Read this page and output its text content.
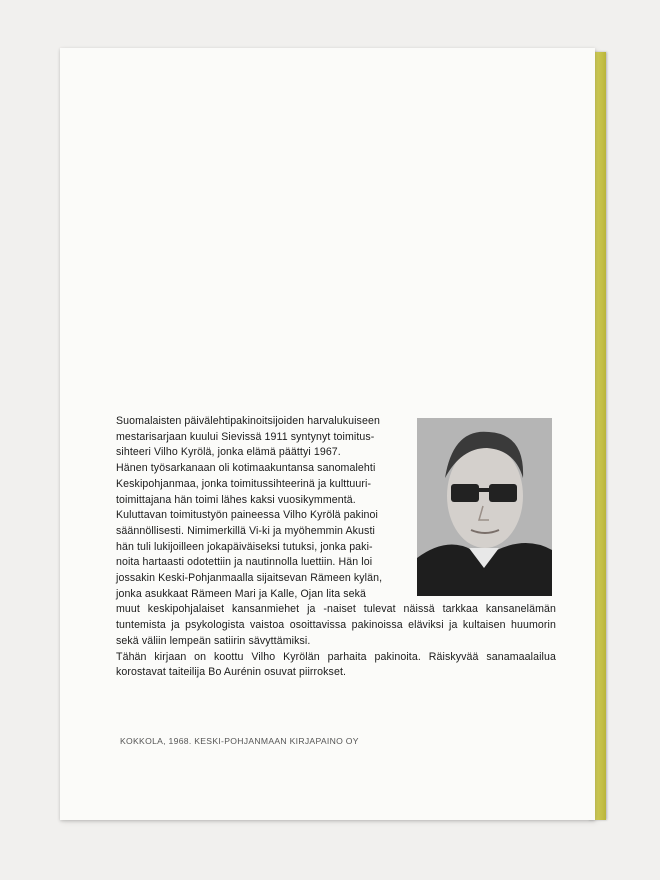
Suomalaisten päivälehtipakinoitsijoiden harvalukuiseen

mestarisarjaan kuului Sievissä 1911 syntynyt toimitus-

sihteeri Vilho Kyrölä, jonka elämä päättyi 1967.

Hänen työsarkanaan oli kotimaakuntansa sanomalehti

Keskipohjanmaa, jonka toimitussihteerinä ja kulttuuri-

toimittajana hän toimi lähes kaksi vuosikymmentä.

Kuluttavan toimitustyön paineessa Vilho Kyrölä pakinoi

säännöllisesti. Nimimerkillä Vi-ki ja myöhemmin Akusti

hän tuli lukijoilleen jokapäiväiseksi tutuksi, jonka paki-

noita hartaasti odotettiin ja nautinnolla luettiin. Hän loi

jossakin Keski-Pohjanmaalla sijaitsevan Rämeen kylän,

jonka asukkaat Rämeen Mari ja Kalle, Ojan lita sekä

muut keskipohjalaiset kansanmiehet ja -naiset tulevat näissä tarkkaa kansanelämän tuntemista ja psykologista vaistoa osoittavissa pakinoissa eläviksi ja kultaisen huumorin sekä väliin lempeän satiirin sävyttämiksi.

Tähän kirjaan on koottu Vilho Kyrölän parhaita pakinoita. Räiskyvää sanamaalailua korostavat taiteilija Bo Aurénin osuvat piirrokset.

KOKKOLA, 1968. KESKI-POHJANMAAN KIRJAPAINO OY
